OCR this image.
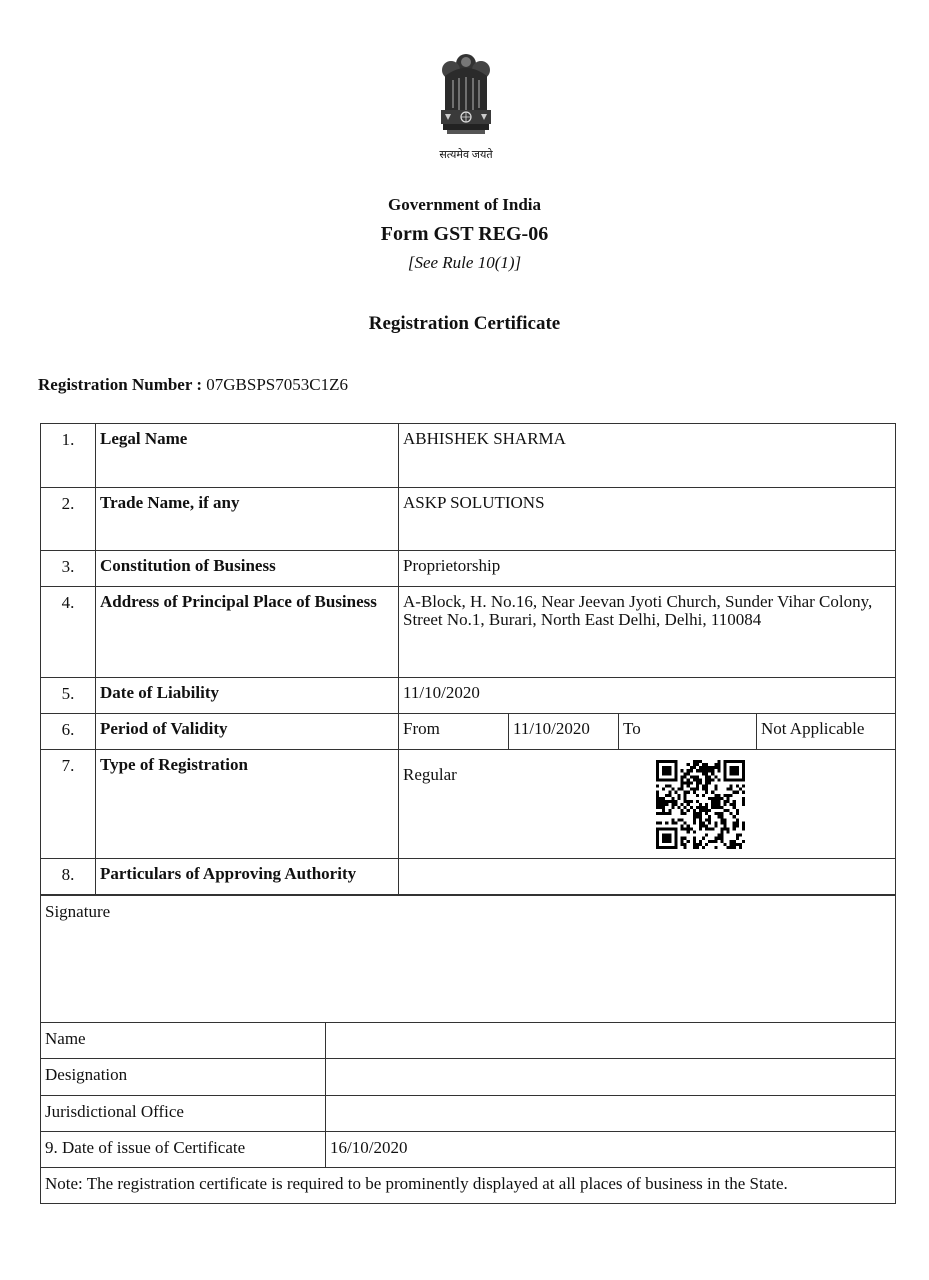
सत्यमेव जयते
Government of India
Form GST REG-06
[See Rule 10(1)]
Registration Certificate
Registration Number : 07GBSPS7053C1Z6
1.	Legal Name	ABHISHEK SHARMA			
2.	Trade Name, if any	ASKP SOLUTIONS			
3.	Constitution of Business	Proprietorship			
4.	Address of Principal Place of Business	A-Block, H. No.16, Near Jeevan Jyoti Church, Sunder Vihar Colony, Street No.1, Burari, North East Delhi, Delhi, 110084			
5.	Date of Liability	11/10/2020			
6.	Period of Validity	From	11/10/2020	To	Not Applicable
7.	Type of Registration	Regular			
8.	Particulars of Approving Authority				
Signature	
Name	
Designation	
Jurisdictional Office	
9. Date of issue of Certificate	16/10/2020
Note: The registration certificate is required to be prominently displayed at all places of business in the State.	
